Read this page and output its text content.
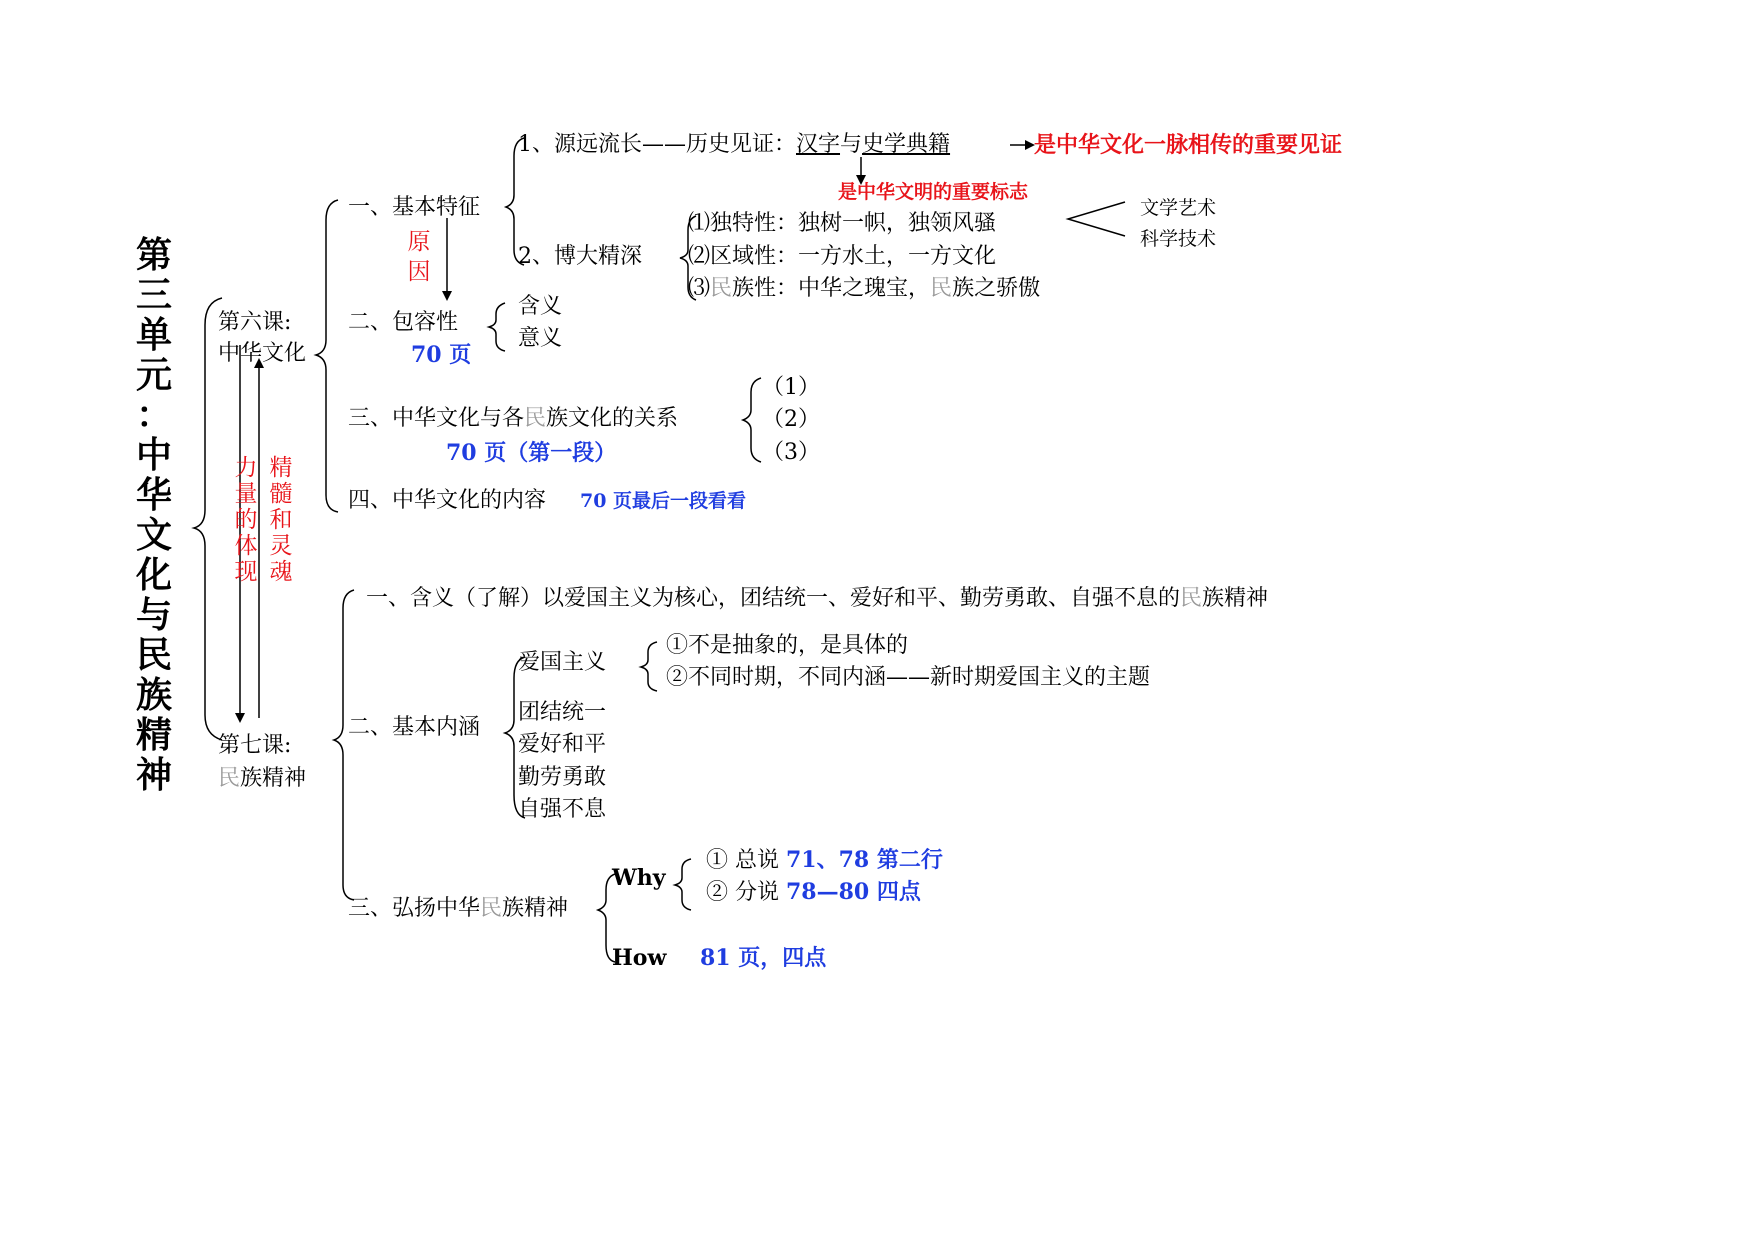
第
三
单
元
：
中
华
文
化
与
民
族
精
神
第六课:
中华文化
第七课:
民族精神
力
量
的
体
现
精
髓
和
灵
魂
一、基本特征
原
因
1、源远流长——历史见证：汉字与史学典籍	是中华文化一脉相传的重要见证
是中华文明的重要标志
2、博大精深
⑴独特性：独树一帜，独领风骚
⑵区域性：一方水土，一方文化
⑶民族性：中华之瑰宝，民族之骄傲
文学艺术
科学技术
二、包容性
70 页
含义
意义
三、中华文化与各民族文化的关系
70 页（第一段）
（1）
（2）
（3）
四、中华文化的内容 70 页最后一段看看
一、含义（了解）以爱国主义为核心，团结统一、爱好和平、勤劳勇敢、自强不息的民族精神
二、基本内涵
爱国主义
①不是抽象的，是具体的
②不同时期，不同内涵——新时期爱国主义的主题
团结统一
爱好和平
勤劳勇敢
自强不息
三、弘扬中华民族精神
Why
How
① 总说 71、78 第二行
② 分说 78—80 四点
81 页，四点
